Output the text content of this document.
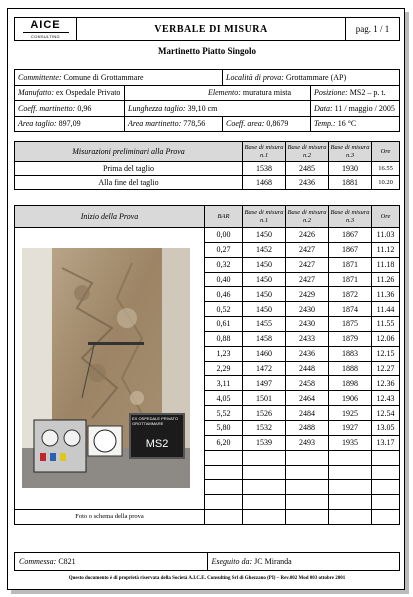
AICE
CONSULTING
VERBALE DI MISURA	pag. 1 / 1
Martinetto Piatto Singolo
Committente: Comune di Grottammare		Località di prova: Grottammare (AP)	
Manufatto: ex Ospedale Privato	Elemento: muratura mista		Posizione: MS2 – p. t.
Coeff. martinetto: 0,96	Lunghezza taglio: 39,10 cm		Data: 11 / maggio / 2005
Area taglio: 897,09	Area martinetto: 778,56	Coeff. area: 0,8679	Temp.: 16 °C
Misurazioni preliminari alla Prova	Base di misura n.1	Base di misura n.2	Base di misura n.3	Ore
Prima del taglio	1538	2485	1930	16.55
Alla fine del taglio	1468	2436	1881	10.20
Inizio della Prova	BAR	Base di misura n.1	Base di misura n.2	Base di misura n.3	Ore

EX OSPEDALE PRIVATO GROTTAMMARE
MS2	0,00	1450	2426	1867	11.03
	0,27	1452	2427	1867	11.12
	0,32	1450	2427	1871	11.18
	0,40	1450	2427	1871	11.26
	0,46	1450	2429	1872	11.36
	0,52	1450	2430	1874	11.44
	0,61	1455	2430	1875	11.55
	0,88	1458	2433	1879	12.06
	1,23	1460	2436	1883	12.15
	2,29	1472	2448	1888	12.27
	3,11	1497	2458	1898	12.36
	4,05	1501	2464	1906	12.43
	5,52	1526	2484	1925	12.54
	5,80	1532	2488	1927	13.05
	6,20	1539	2493	1935	13.17

Foto o schema della prova					
Commessa:
C821	Eseguito da:
JC Miranda
Questo documento è di proprietà riservata della Società A.I.C.E. Consulting Srl di Ghezzano (PI) – Rev.002 Mod 003 ottobre 2001
